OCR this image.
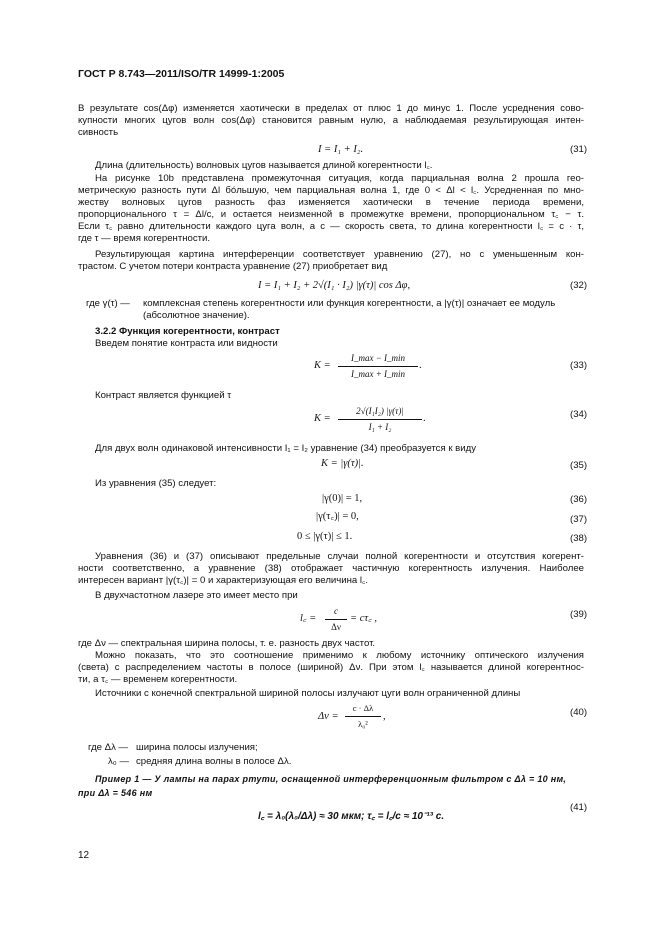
ГОСТ Р 8.743—2011/ISO/TR 14999-1:2005
В результате cos(Δφ) изменяется хаотически в пределах от плюс 1 до минус 1. После усреднения сово-
купности многих цугов волн cos(Δφ) становится равным нулю, а наблюдаемая результирующая интен-
сивность
I = I₁ + I₂.	(31)
Длина (длительность) волновых цугов называется длиной когерентности l꜀.
На рисунке 10b представлена промежуточная ситуация, когда парциальная волна 2 прошла гео-
метрическую разность пути Δl бóльшую, чем парциальная волна 1, где 0 < Δl < l꜀. Усредненная по мно-
жеству волновых цугов разность фаз изменяется хаотически в течение периода времени,
пропорционального τ = Δl/c, и остается неизменной в промежутке времени, пропорциональном τ꜀ − τ.
Если τ꜀ равно длительности каждого цуга волн, а c — скорость света, то длина когерентности l꜀ = c · τ,
где τ — время когерентности.
Результирующая картина интерференции соответствует уравнению (27), но с уменьшенным кон-
трастом. С учетом потери контраста уравнение (27) приобретает вид
I = I₁ + I₂ + 2√(I₁ · I₂) |γ(τ)| cos Δφ,	(32)
где γ(τ) — комплексная степень когерентности или функция когерентности, а |γ(τ)| означает ее модуль
(абсолютное значение).
3.2.2 Функция когерентности, контраст
Введем понятие контраста или видности
K =
I_max − I_min
I_max + I_min
.	(33)
Контраст является функцией τ
K =
2√(I₁I₂) |γ(τ)|
I₁ + I₂
.	(34)
Для двух волн одинаковой интенсивности I₁ = I₂ уравнение (34) преобразуется к виду
K = |γ(τ)|.	(35)
Из уравнения (35) следует:
|γ(0)| = 1,	(36)
|γ(τ꜀)| = 0,	(37)
0 ≤ |γ(τ)| ≤ 1.	(38)
Уравнения (36) и (37) описывают предельные случаи полной когерентности и отсутствия когерент-
ности соответственно, а уравнение (38) отображает частичную когерентность излучения. Наиболее
интересен вариант |γ(τ꜀)| = 0 и характеризующая его величина l꜀.
В двухчастотном лазере это имеет место при
l꜀ =
c
Δν
= cτ꜀ ,	(39)
где Δν — спектральная ширина полосы, т. е. разность двух частот.
Можно показать, что это соотношение применимо к любому источнику оптического излучения
(света) с распределением частоты в полосе (шириной) Δν. При этом l꜀ называется длиной когерентнос-
ти, а τ꜀ — временем когерентности.
Источники с конечной спектральной шириной полосы излучают цуги волн ограниченной длины
Δν =
c · Δλ
λ₀²
,	(40)
где Δλ — ширина полосы излучения;
λ₀ — средняя длина волны в полосе Δλ.
Пример 1 — У лампы на парах ртути, оснащенной интерференционным фильтром с Δλ = 10 нм,
при Δλ = 546 нм
l꜀ = λ₀(λ₀/Δλ) ≈ 30 мкм; τ꜀ = l꜀/c ≈ 10⁻¹³ с.
(41)
12
